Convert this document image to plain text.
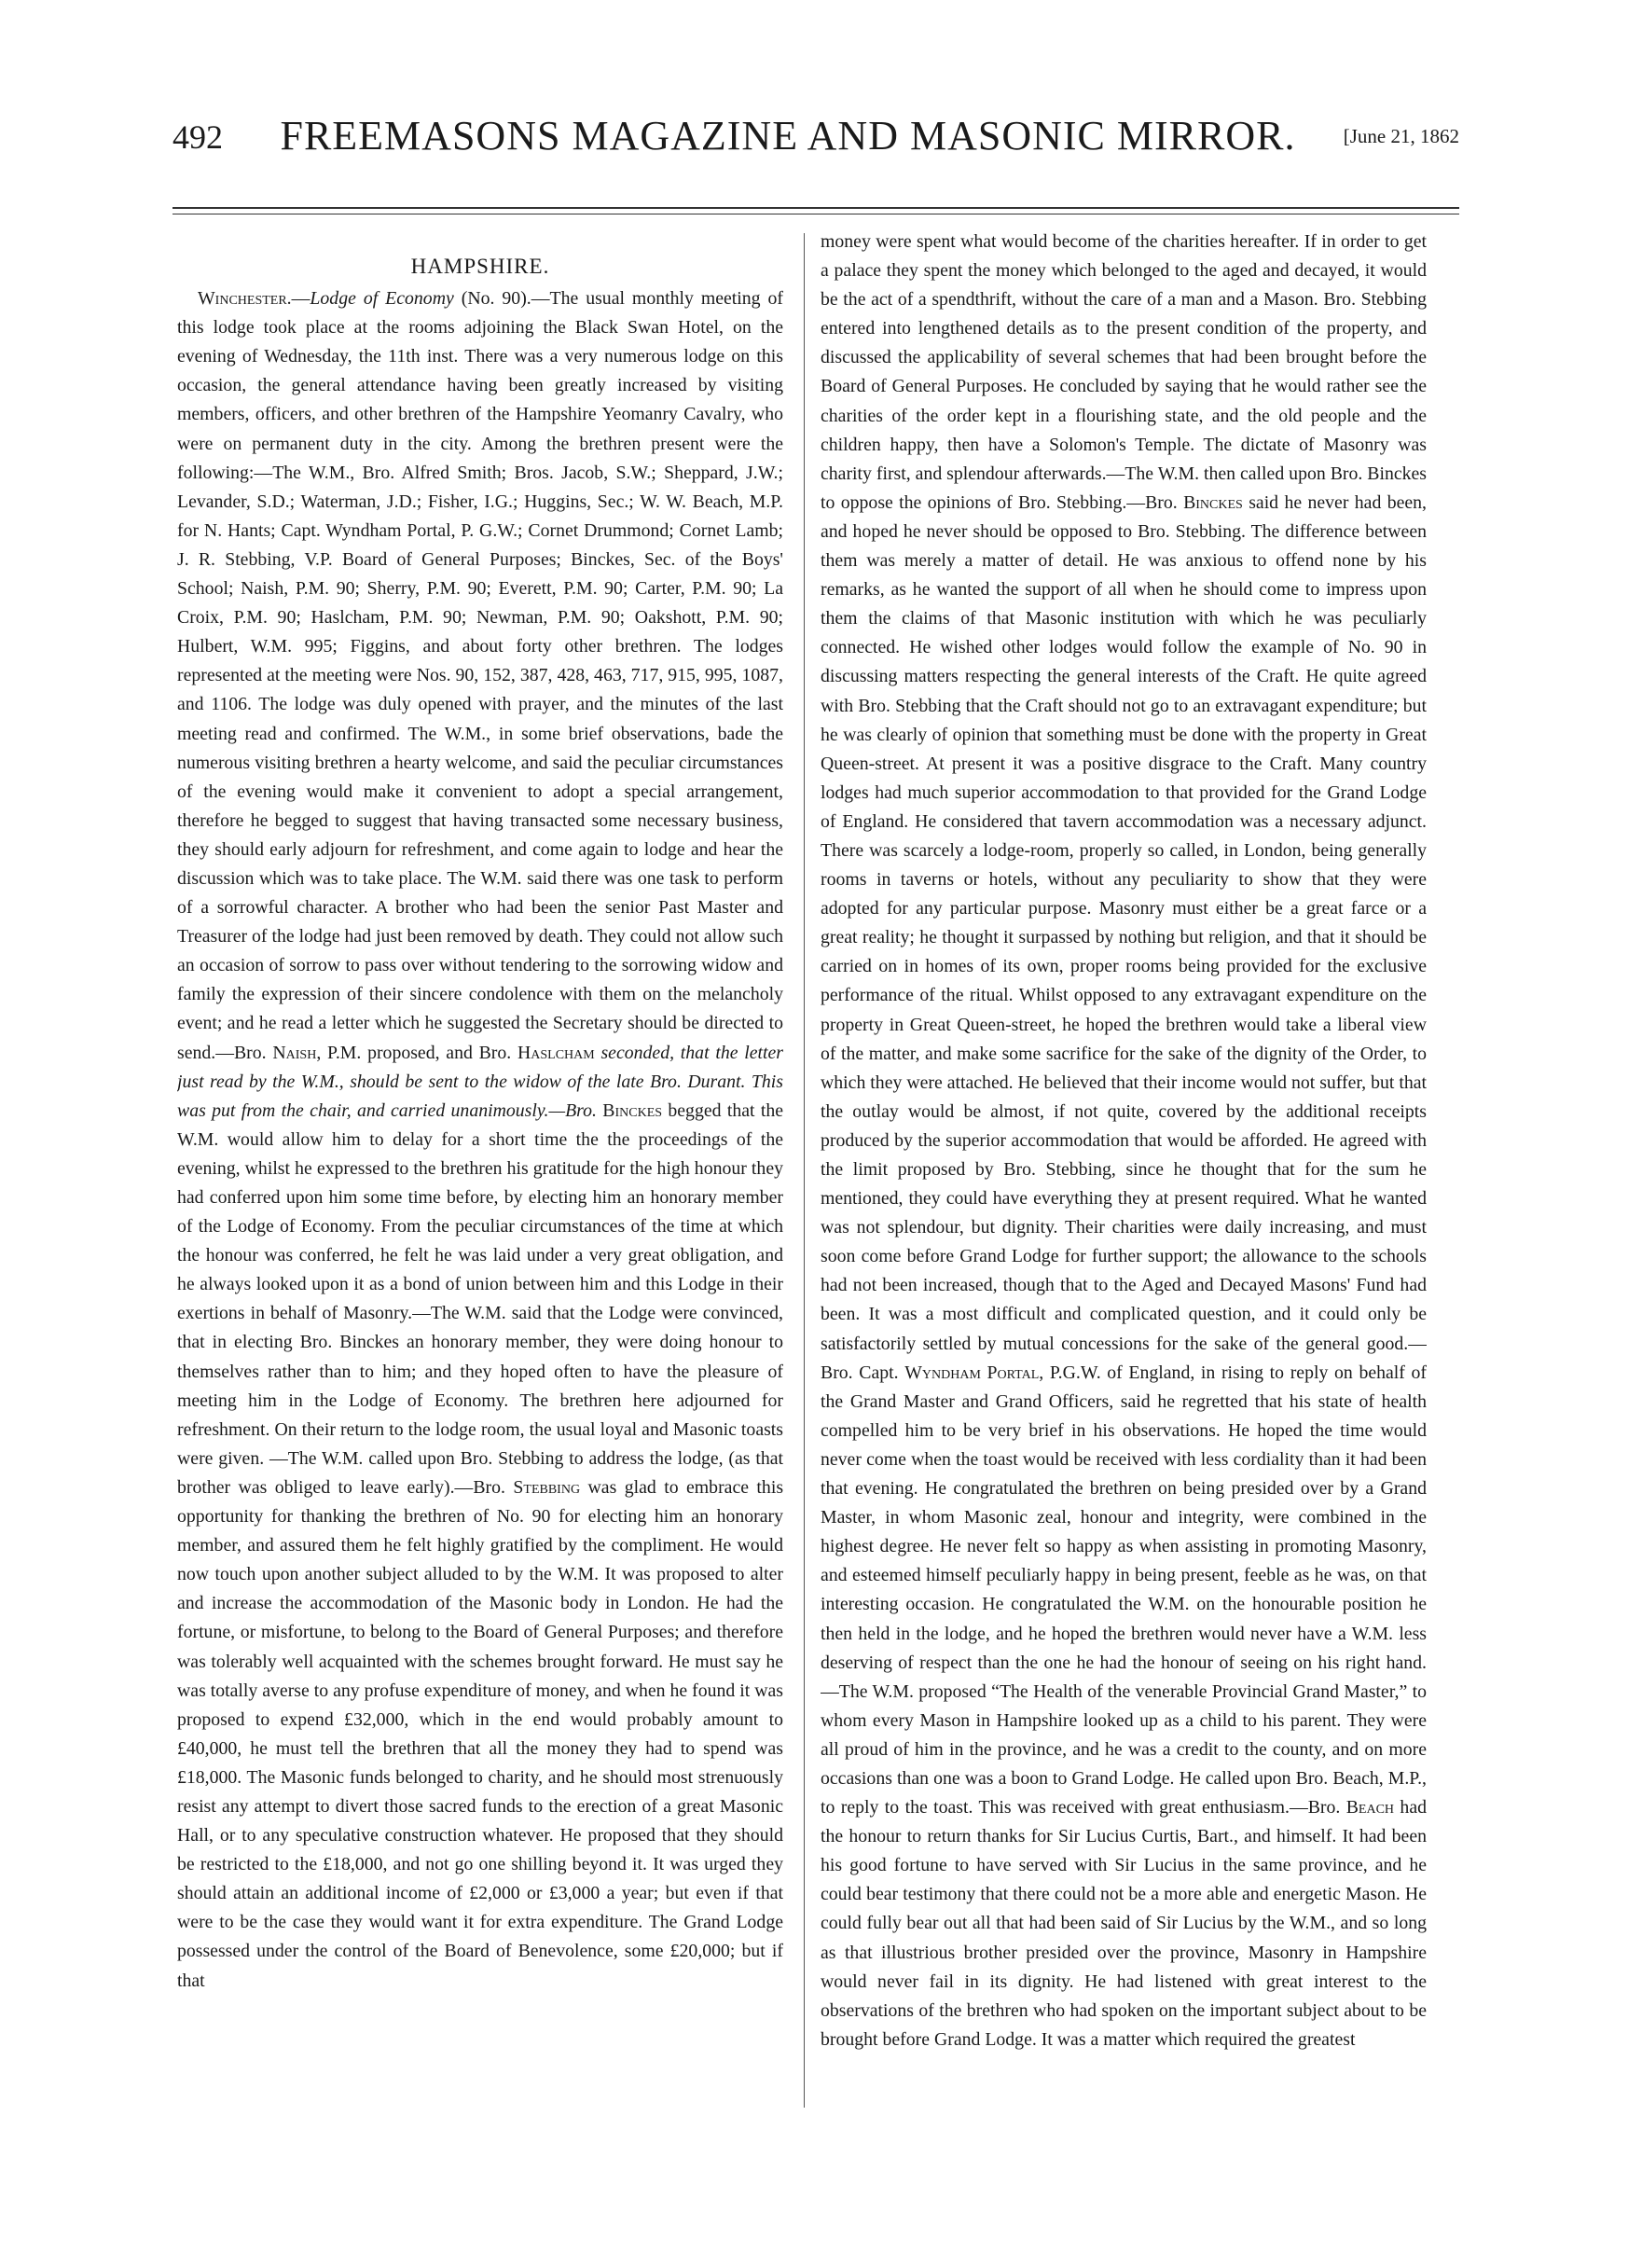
492	FREEMASONS MAGAZINE AND MASONIC MIRROR.	[June 21, 1862
HAMPSHIRE.

Winchester.—Lodge of Economy (No. 90).—The usual monthly meeting of this lodge took place at the rooms adjoining the Black Swan Hotel, on the evening of Wednesday, the 11th inst. There was a very numerous lodge on this occasion, the general attendance having been greatly increased by visiting members, officers, and other brethren of the Hampshire Yeomanry Cavalry, who were on permanent duty in the city. Among the brethren present were the following:—The W.M., Bro. Alfred Smith; Bros. Jacob, S.W.; Sheppard, J.W.; Levander, S.D.; Waterman, J.D.; Fisher, I.G.; Huggins, Sec.; W. W. Beach, M.P. for N. Hants; Capt. Wyndham Portal, P. G.W.; Cornet Drummond; Cornet Lamb; J. R. Stebbing, V.P. Board of General Purposes; Binckes, Sec. of the Boys' School; Naish, P.M. 90; Sherry, P.M. 90; Everett, P.M. 90; Carter, P.M. 90; La Croix, P.M. 90; Haslcham, P.M. 90; Newman, P.M. 90; Oakshott, P.M. 90; Hulbert, W.M. 995; Figgins, and about forty other brethren. The lodges represented at the meeting were Nos. 90, 152, 387, 428, 463, 717, 915, 995, 1087, and 1106. The lodge was duly opened with prayer, and the minutes of the last meeting read and confirmed. The W.M., in some brief observations, bade the numerous visiting brethren a hearty welcome, and said the peculiar circumstances of the evening would make it convenient to adopt a special arrangement, therefore he begged to suggest that having transacted some necessary business, they should early adjourn for refreshment, and come again to lodge and hear the discussion which was to take place. The W.M. said there was one task to perform of a sorrowful character. A brother who had been the senior Past Master and Treasurer of the lodge had just been removed by death. They could not allow such an occasion of sorrow to pass over without tendering to the sorrowing widow and family the expression of their sincere condolence with them on the melancholy event; and he read a letter which he suggested the Secretary should be directed to send.—Bro. Naish, P.M. proposed, and Bro. Haslcham seconded, that the letter just read by the W.M., should be sent to the widow of the late Bro. Durant. This was put from the chair, and carried unanimously.—Bro. Binckes begged that the W.M. would allow him to delay for a short time the the proceedings of the evening, whilst he expressed to the brethren his gratitude for the high honour they had conferred upon him some time before, by electing him an honorary member of the Lodge of Economy. From the peculiar circumstances of the time at which the honour was conferred, he felt he was laid under a very great obligation, and he always looked upon it as a bond of union between him and this Lodge in their exertions in behalf of Masonry.—The W.M. said that the Lodge were convinced, that in electing Bro. Binckes an honorary member, they were doing honour to themselves rather than to him; and they hoped often to have the pleasure of meeting him in the Lodge of Economy. The brethren here adjourned for refreshment. On their return to the lodge room, the usual loyal and Masonic toasts were given. —The W.M. called upon Bro. Stebbing to address the lodge, (as that brother was obliged to leave early).—Bro. Stebbing was glad to embrace this opportunity for thanking the brethren of No. 90 for electing him an honorary member, and assured them he felt highly gratified by the compliment. He would now touch upon another subject alluded to by the W.M. It was proposed to alter and increase the accommodation of the Masonic body in London. He had the fortune, or misfortune, to belong to the Board of General Purposes; and therefore was tolerably well acquainted with the schemes brought forward. He must say he was totally averse to any profuse expenditure of money, and when he found it was proposed to expend £32,000, which in the end would probably amount to £40,000, he must tell the brethren that all the money they had to spend was £18,000. The Masonic funds belonged to charity, and he should most strenuously resist any attempt to divert those sacred funds to the erection of a great Masonic Hall, or to any speculative construction whatever. He proposed that they should be restricted to the £18,000, and not go one shilling beyond it. It was urged they should attain an additional income of £2,000 or £3,000 a year; but even if that were to be the case they would want it for extra expenditure. The Grand Lodge possessed under the control of the Board of Benevolence, some £20,000; but if that

money were spent what would become of the charities hereafter. If in order to get a palace they spent the money which belonged to the aged and decayed, it would be the act of a spendthrift, without the care of a man and a Mason. Bro. Stebbing entered into lengthened details as to the present condition of the property, and discussed the applicability of several schemes that had been brought before the Board of General Purposes. He concluded by saying that he would rather see the charities of the order kept in a flourishing state, and the old people and the children happy, then have a Solomon's Temple. The dictate of Masonry was charity first, and splendour afterwards.—The W.M. then called upon Bro. Binckes to oppose the opinions of Bro. Stebbing.—Bro. Binckes said he never had been, and hoped he never should be opposed to Bro. Stebbing. The difference between them was merely a matter of detail. He was anxious to offend none by his remarks, as he wanted the support of all when he should come to impress upon them the claims of that Masonic institution with which he was peculiarly connected. He wished other lodges would follow the example of No. 90 in discussing matters respecting the general interests of the Craft. He quite agreed with Bro. Stebbing that the Craft should not go to an extravagant expenditure; but he was clearly of opinion that something must be done with the property in Great Queen-street. At present it was a positive disgrace to the Craft. Many country lodges had much superior accommodation to that provided for the Grand Lodge of England. He considered that tavern accommodation was a necessary adjunct. There was scarcely a lodge-room, properly so called, in London, being generally rooms in taverns or hotels, without any peculiarity to show that they were adopted for any particular purpose. Masonry must either be a great farce or a great reality; he thought it surpassed by nothing but religion, and that it should be carried on in homes of its own, proper rooms being provided for the exclusive performance of the ritual. Whilst opposed to any extravagant expenditure on the property in Great Queen-street, he hoped the brethren would take a liberal view of the matter, and make some sacrifice for the sake of the dignity of the Order, to which they were attached. He believed that their income would not suffer, but that the outlay would be almost, if not quite, covered by the additional receipts produced by the superior accommodation that would be afforded. He agreed with the limit proposed by Bro. Stebbing, since he thought that for the sum he mentioned, they could have everything they at present required. What he wanted was not splendour, but dignity. Their charities were daily increasing, and must soon come before Grand Lodge for further support; the allowance to the schools had not been increased, though that to the Aged and Decayed Masons' Fund had been. It was a most difficult and complicated question, and it could only be satisfactorily settled by mutual concessions for the sake of the general good.—Bro. Capt. Wyndham Portal, P.G.W. of England, in rising to reply on behalf of the Grand Master and Grand Officers, said he regretted that his state of health compelled him to be very brief in his observations. He hoped the time would never come when the toast would be received with less cordiality than it had been that evening. He congratulated the brethren on being presided over by a Grand Master, in whom Masonic zeal, honour and integrity, were combined in the highest degree. He never felt so happy as when assisting in promoting Masonry, and esteemed himself peculiarly happy in being present, feeble as he was, on that interesting occasion. He congratulated the W.M. on the honourable position he then held in the lodge, and he hoped the brethren would never have a W.M. less deserving of respect than the one he had the honour of seeing on his right hand. —The W.M. proposed “The Health of the venerable Provincial Grand Master,” to whom every Mason in Hampshire looked up as a child to his parent. They were all proud of him in the province, and he was a credit to the county, and on more occasions than one was a boon to Grand Lodge. He called upon Bro. Beach, M.P., to reply to the toast. This was received with great enthusiasm.—Bro. Beach had the honour to return thanks for Sir Lucius Curtis, Bart., and himself. It had been his good fortune to have served with Sir Lucius in the same province, and he could bear testimony that there could not be a more able and energetic Mason. He could fully bear out all that had been said of Sir Lucius by the W.M., and so long as that illustrious brother presided over the province, Masonry in Hampshire would never fail in its dignity. He had listened with great interest to the observations of the brethren who had spoken on the important subject about to be brought before Grand Lodge. It was a matter which required the greatest
